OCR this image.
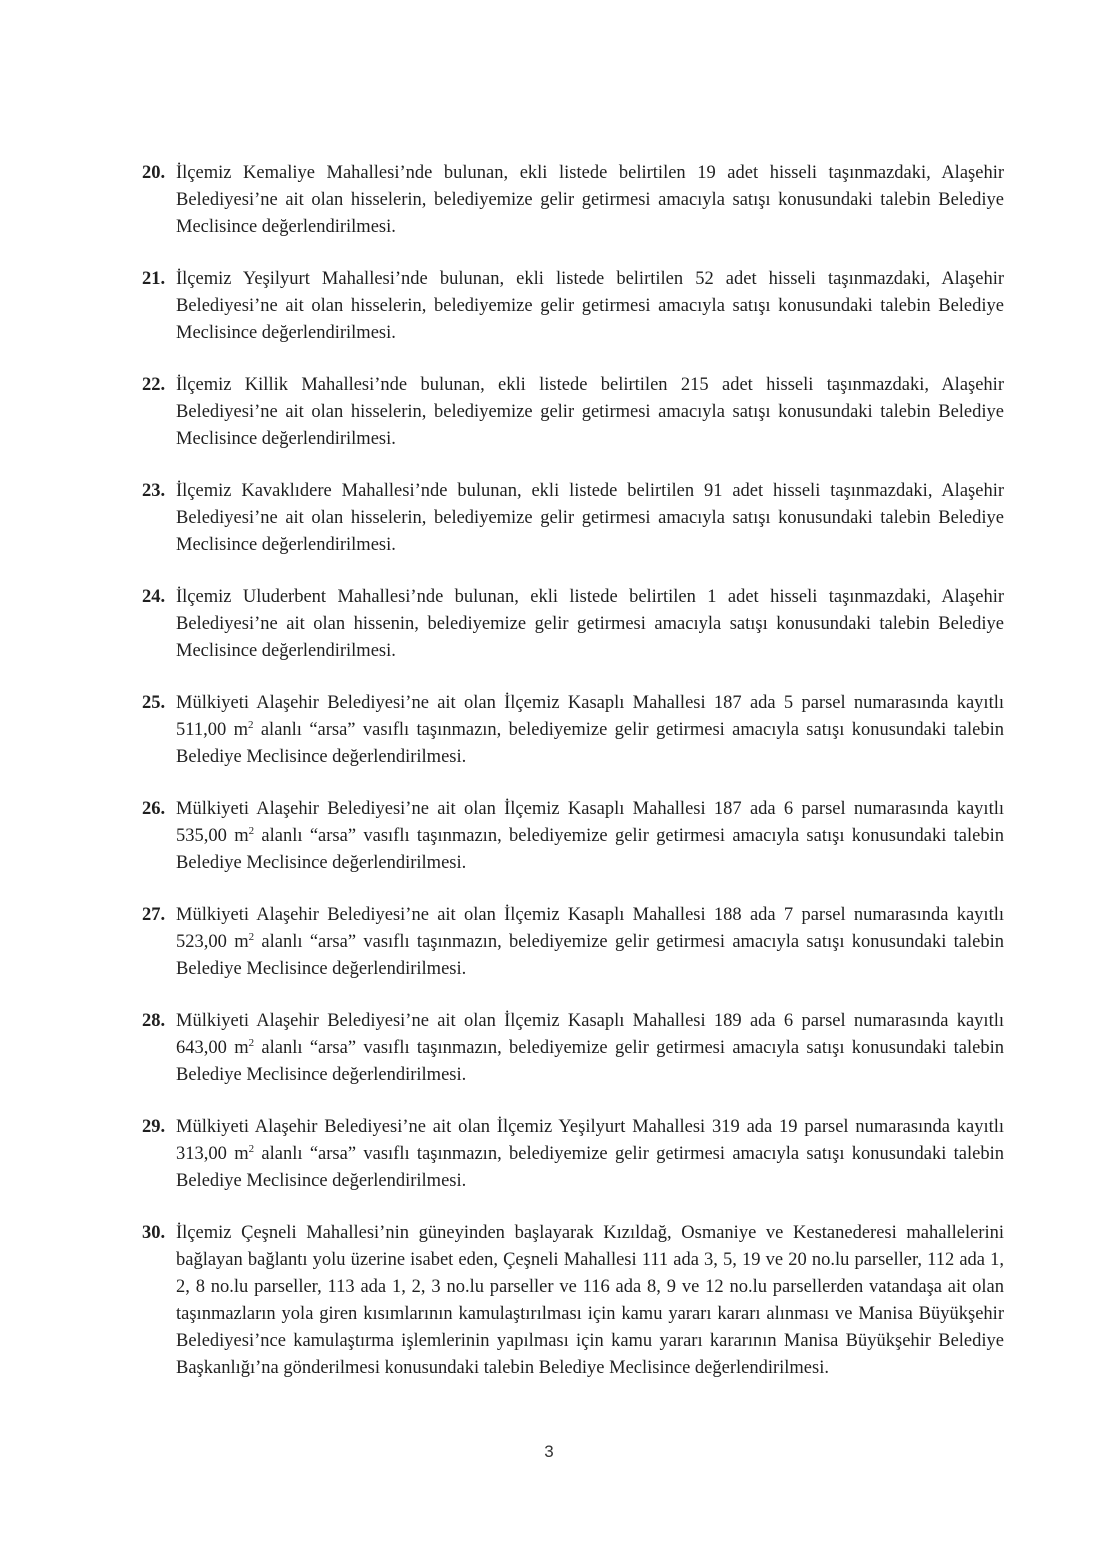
20. İlçemiz Kemaliye Mahallesi’nde bulunan, ekli listede belirtilen 19 adet hisseli taşınmazdaki, Alaşehir Belediyesi’ne ait olan hisselerin, belediyemize gelir getirmesi amacıyla satışı konusundaki talebin Belediye Meclisince değerlendirilmesi.
21. İlçemiz Yeşilyurt Mahallesi’nde bulunan, ekli listede belirtilen 52 adet hisseli taşınmazdaki, Alaşehir Belediyesi’ne ait olan hisselerin, belediyemize gelir getirmesi amacıyla satışı konusundaki talebin Belediye Meclisince değerlendirilmesi.
22. İlçemiz Killik Mahallesi’nde bulunan, ekli listede belirtilen 215 adet hisseli taşınmazdaki, Alaşehir Belediyesi’ne ait olan hisselerin, belediyemize gelir getirmesi amacıyla satışı konusundaki talebin Belediye Meclisince değerlendirilmesi.
23. İlçemiz Kavaklıdere Mahallesi’nde bulunan, ekli listede belirtilen 91 adet hisseli taşınmazdaki, Alaşehir Belediyesi’ne ait olan hisselerin, belediyemize gelir getirmesi amacıyla satışı konusundaki talebin Belediye Meclisince değerlendirilmesi.
24. İlçemiz Uluderbent Mahallesi’nde bulunan, ekli listede belirtilen 1 adet hisseli taşınmazdaki, Alaşehir Belediyesi’ne ait olan hissenin, belediyemize gelir getirmesi amacıyla satışı konusundaki talebin Belediye Meclisince değerlendirilmesi.
25. Mülkiyeti Alaşehir Belediyesi’ne ait olan İlçemiz Kasaplı Mahallesi 187 ada 5 parsel numarasında kayıtlı 511,00 $m^2$ alanlı “arsa” vasıflı taşınmazın, belediyemize gelir getirmesi amacıyla satışı konusundaki talebin Belediye Meclisince değerlendirilmesi.
26. Mülkiyeti Alaşehir Belediyesi’ne ait olan İlçemiz Kasaplı Mahallesi 187 ada 6 parsel numarasında kayıtlı 535,00 $m^2$ alanlı “arsa” vasıflı taşınmazın, belediyemize gelir getirmesi amacıyla satışı konusundaki talebin Belediye Meclisince değerlendirilmesi.
27. Mülkiyeti Alaşehir Belediyesi’ne ait olan İlçemiz Kasaplı Mahallesi 188 ada 7 parsel numarasında kayıtlı 523,00 $m^2$ alanlı “arsa” vasıflı taşınmazın, belediyemize gelir getirmesi amacıyla satışı konusundaki talebin Belediye Meclisince değerlendirilmesi.
28. Mülkiyeti Alaşehir Belediyesi’ne ait olan İlçemiz Kasaplı Mahallesi 189 ada 6 parsel numarasında kayıtlı 643,00 $m^2$ alanlı “arsa” vasıflı taşınmazın, belediyemize gelir getirmesi amacıyla satışı konusundaki talebin Belediye Meclisince değerlendirilmesi.
29. Mülkiyeti Alaşehir Belediyesi’ne ait olan İlçemiz Yeşilyurt Mahallesi 319 ada 19 parsel numarasında kayıtlı 313,00 $m^2$ alanlı “arsa” vasıflı taşınmazın, belediyemize gelir getirmesi amacıyla satışı konusundaki talebin Belediye Meclisince değerlendirilmesi.
30. İlçemiz Çeşneli Mahallesi’nin güneyinden başlayarak Kızıldağ, Osmaniye ve Kestanederesi mahallelerini bağlayan bağlantı yolu üzerine isabet eden, Çeşneli Mahallesi 111 ada 3, 5, 19 ve 20 no.lu parseller, 112 ada 1, 2, 8 no.lu parseller, 113 ada 1, 2, 3 no.lu parseller ve 116 ada 8, 9 ve 12 no.lu parsellerden vatandaşa ait olan taşınmazların yola giren kısımlarının kamulaştırılması için kamu yararı kararı alınması ve Manisa Büyükşehir Belediyesi’nce kamulaştırma işlemlerinin yapılması için kamu yararı kararının Manisa Büyükşehir Belediye Başkanlığı’na gönderilmesi konusundaki talebin Belediye Meclisince değerlendirilmesi.
3
